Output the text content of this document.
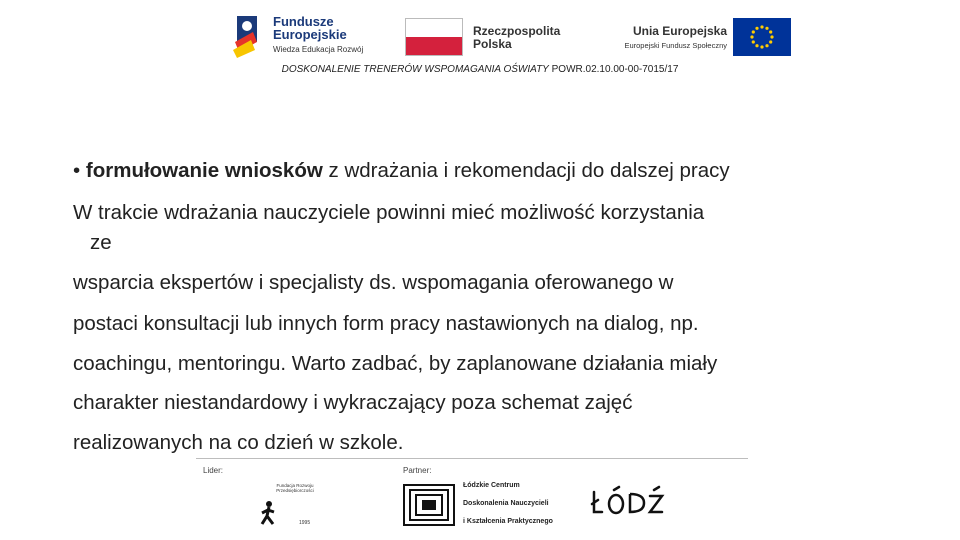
Fundusze
Europejskie
Wiedza Edukacja Rozwój
Rzeczpospolita
Polska
Unia Europejska
Europejski Fundusz Społeczny
DOSKONALENIE TRENERÓW WSPOMAGANIA OŚWIATY POWR.02.10.00-00-7015/17
• formułowanie wniosków z wdrażania i rekomendacji do dalszej pracy
W trakcie wdrażania nauczyciele powinni mieć możliwość korzystania
ze
wsparcia ekspertów i specjalisty ds. wspomagania oferowanego w
postaci konsultacji lub innych form pracy nastawionych na dialog, np.
coachingu, mentoringu. Warto zadbać, by zaplanowane działania miały
charakter niestandardowy i wykraczający poza schemat zajęć
realizowanych na co dzień w szkole.
Lider:	Partner:
Fundacja Rozwoju Przedsiębiorczości
1995
Łódzkie Centrum
Doskonalenia Nauczycieli
i Kształcenia Praktycznego
